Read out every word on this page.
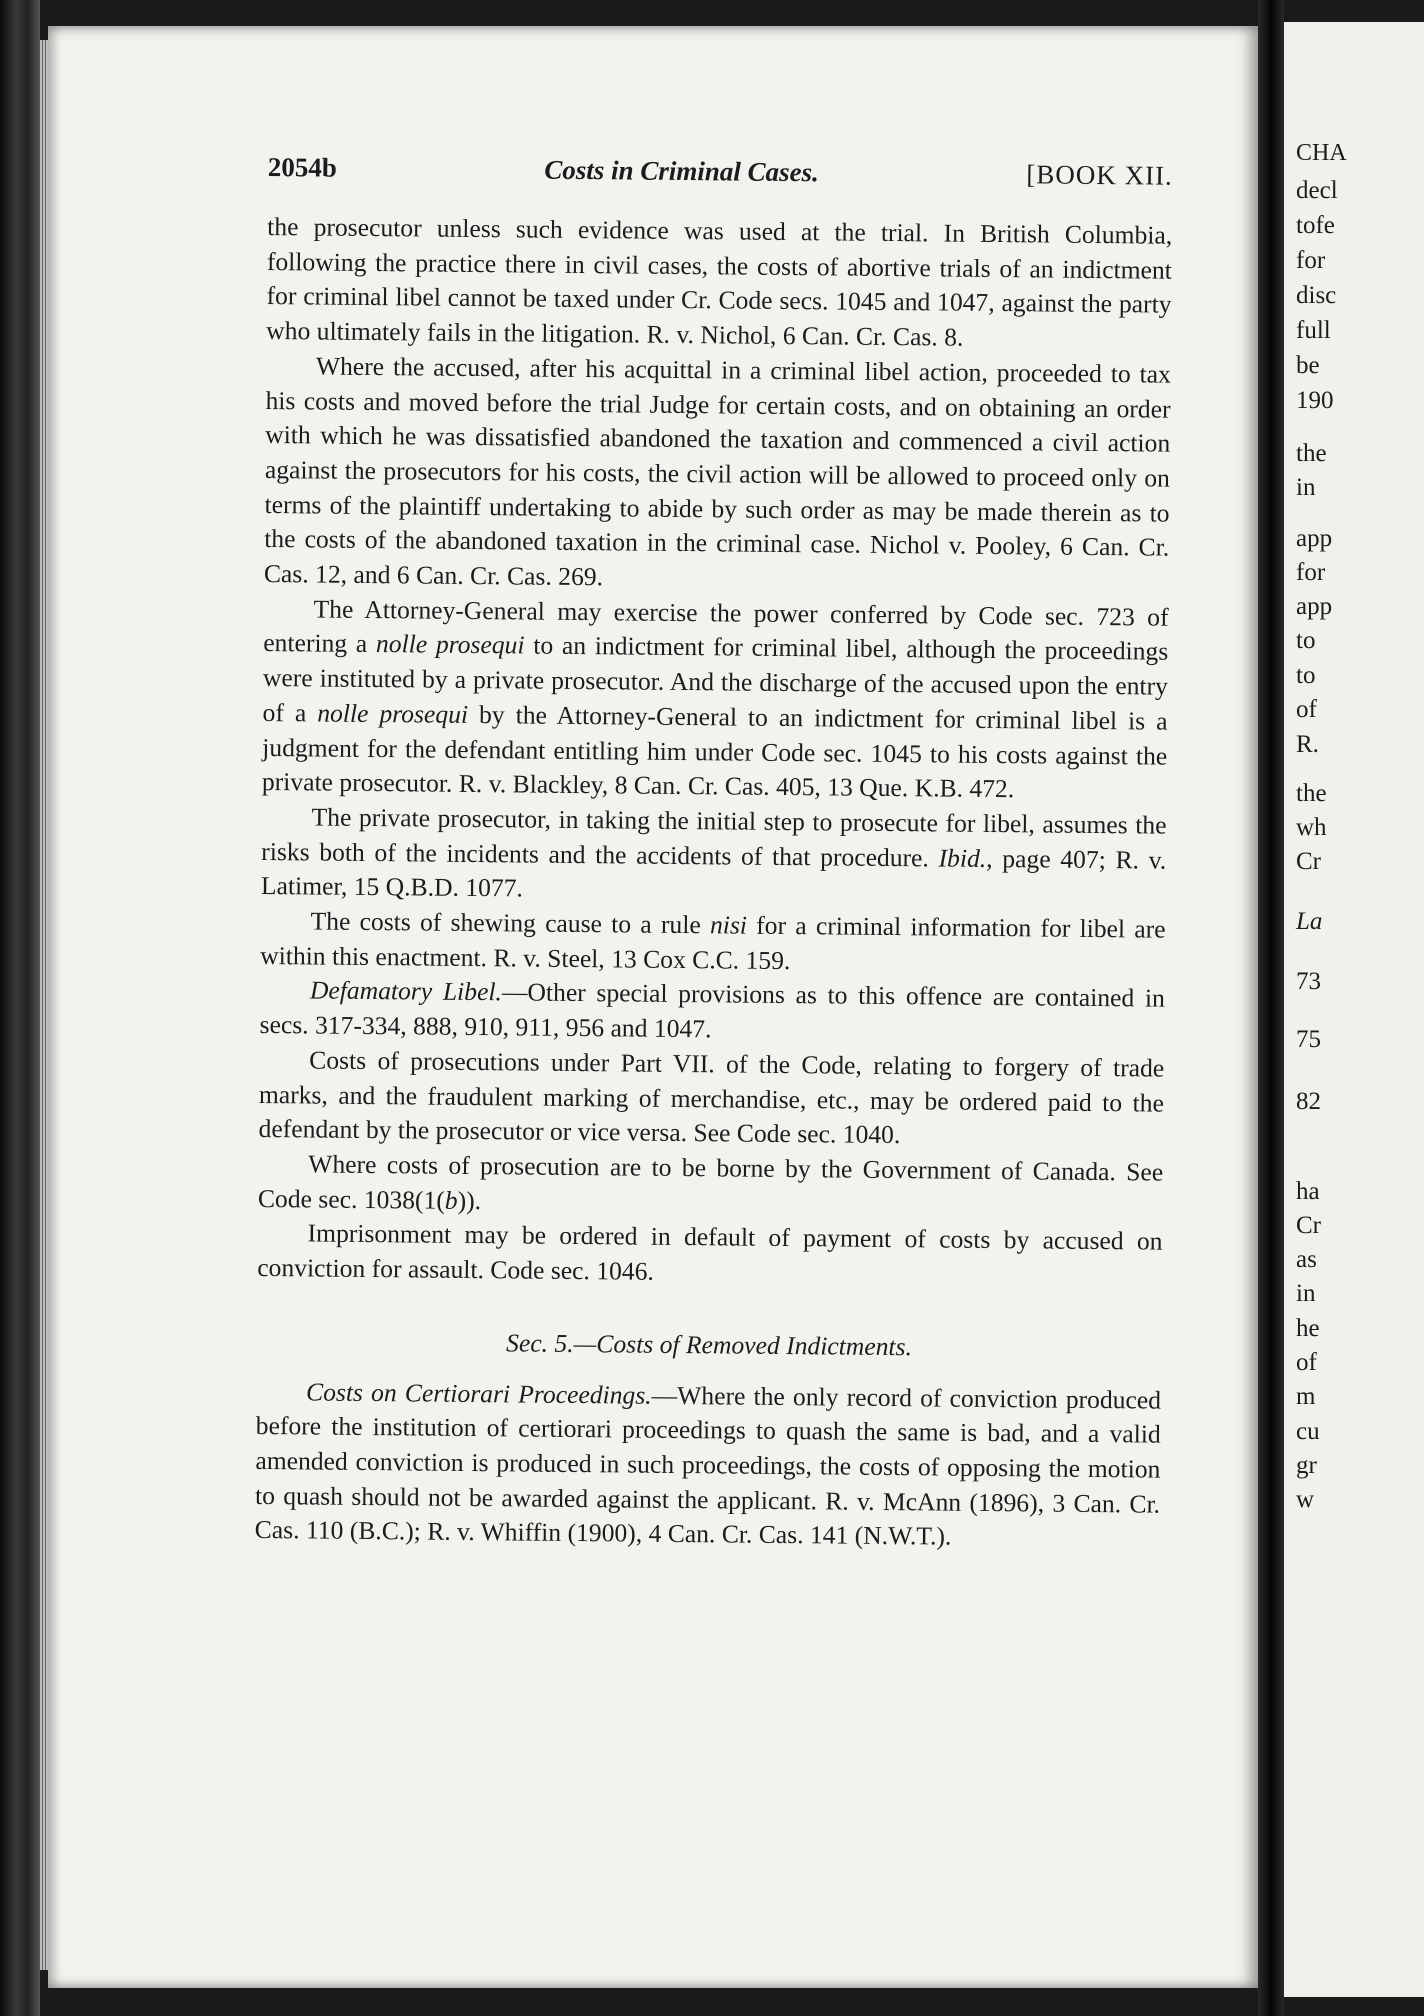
2054b	Costs in Criminal Cases.	[BOOK XII.

the prosecutor unless such evidence was used at the trial. In British Columbia, following the practice there in civil cases, the costs of abortive trials of an indictment for criminal libel cannot be taxed under Cr. Code secs. 1045 and 1047, against the party who ultimately fails in the litigation. R. v. Nichol, 6 Can. Cr. Cas. 8.

Where the accused, after his acquittal in a criminal libel action, proceeded to tax his costs and moved before the trial Judge for certain costs, and on obtaining an order with which he was dissatisfied abandoned the taxation and commenced a civil action against the prosecutors for his costs, the civil action will be allowed to proceed only on terms of the plaintiff undertaking to abide by such order as may be made therein as to the costs of the abandoned taxation in the criminal case. Nichol v. Pooley, 6 Can. Cr. Cas. 12, and 6 Can. Cr. Cas. 269.

The Attorney-General may exercise the power conferred by Code sec. 723 of entering a nolle prosequi to an indictment for criminal libel, although the proceedings were instituted by a private prosecutor. And the discharge of the accused upon the entry of a nolle prosequi by the Attorney-General to an indictment for criminal libel is a judgment for the defendant entitling him under Code sec. 1045 to his costs against the private prosecutor. R. v. Blackley, 8 Can. Cr. Cas. 405, 13 Que. K.B. 472.

The private prosecutor, in taking the initial step to prosecute for libel, assumes the risks both of the incidents and the accidents of that procedure. Ibid., page 407; R. v. Latimer, 15 Q.B.D. 1077.

The costs of shewing cause to a rule nisi for a criminal information for libel are within this enactment. R. v. Steel, 13 Cox C.C. 159.

Defamatory Libel.—Other special provisions as to this offence are contained in secs. 317-334, 888, 910, 911, 956 and 1047.

Costs of prosecutions under Part VII. of the Code, relating to forgery of trade marks, and the fraudulent marking of merchandise, etc., may be ordered paid to the defendant by the prosecutor or vice versa. See Code sec. 1040.

Where costs of prosecution are to be borne by the Government of Canada. See Code sec. 1038(1(b)).

Imprisonment may be ordered in default of payment of costs by accused on conviction for assault. Code sec. 1046.

Sec. 5.—Costs of Removed Indictments.

Costs on Certiorari Proceedings.—Where the only record of conviction produced before the institution of certiorari proceedings to quash the same is bad, and a valid amended conviction is produced in such proceedings, the costs of opposing the motion to quash should not be awarded against the applicant. R. v. McAnn (1896), 3 Can. Cr. Cas. 110 (B.C.); R. v. Whiffin (1900), 4 Can. Cr. Cas. 141 (N.W.T.).

CHA
decl
tofe
for
disc
full
be
190
the
in
app
for
app
to
to
of
R.
the
wh
Cr
La
73
75
82
ha
Cr
as
in
he
of
m
cu
gr
w
